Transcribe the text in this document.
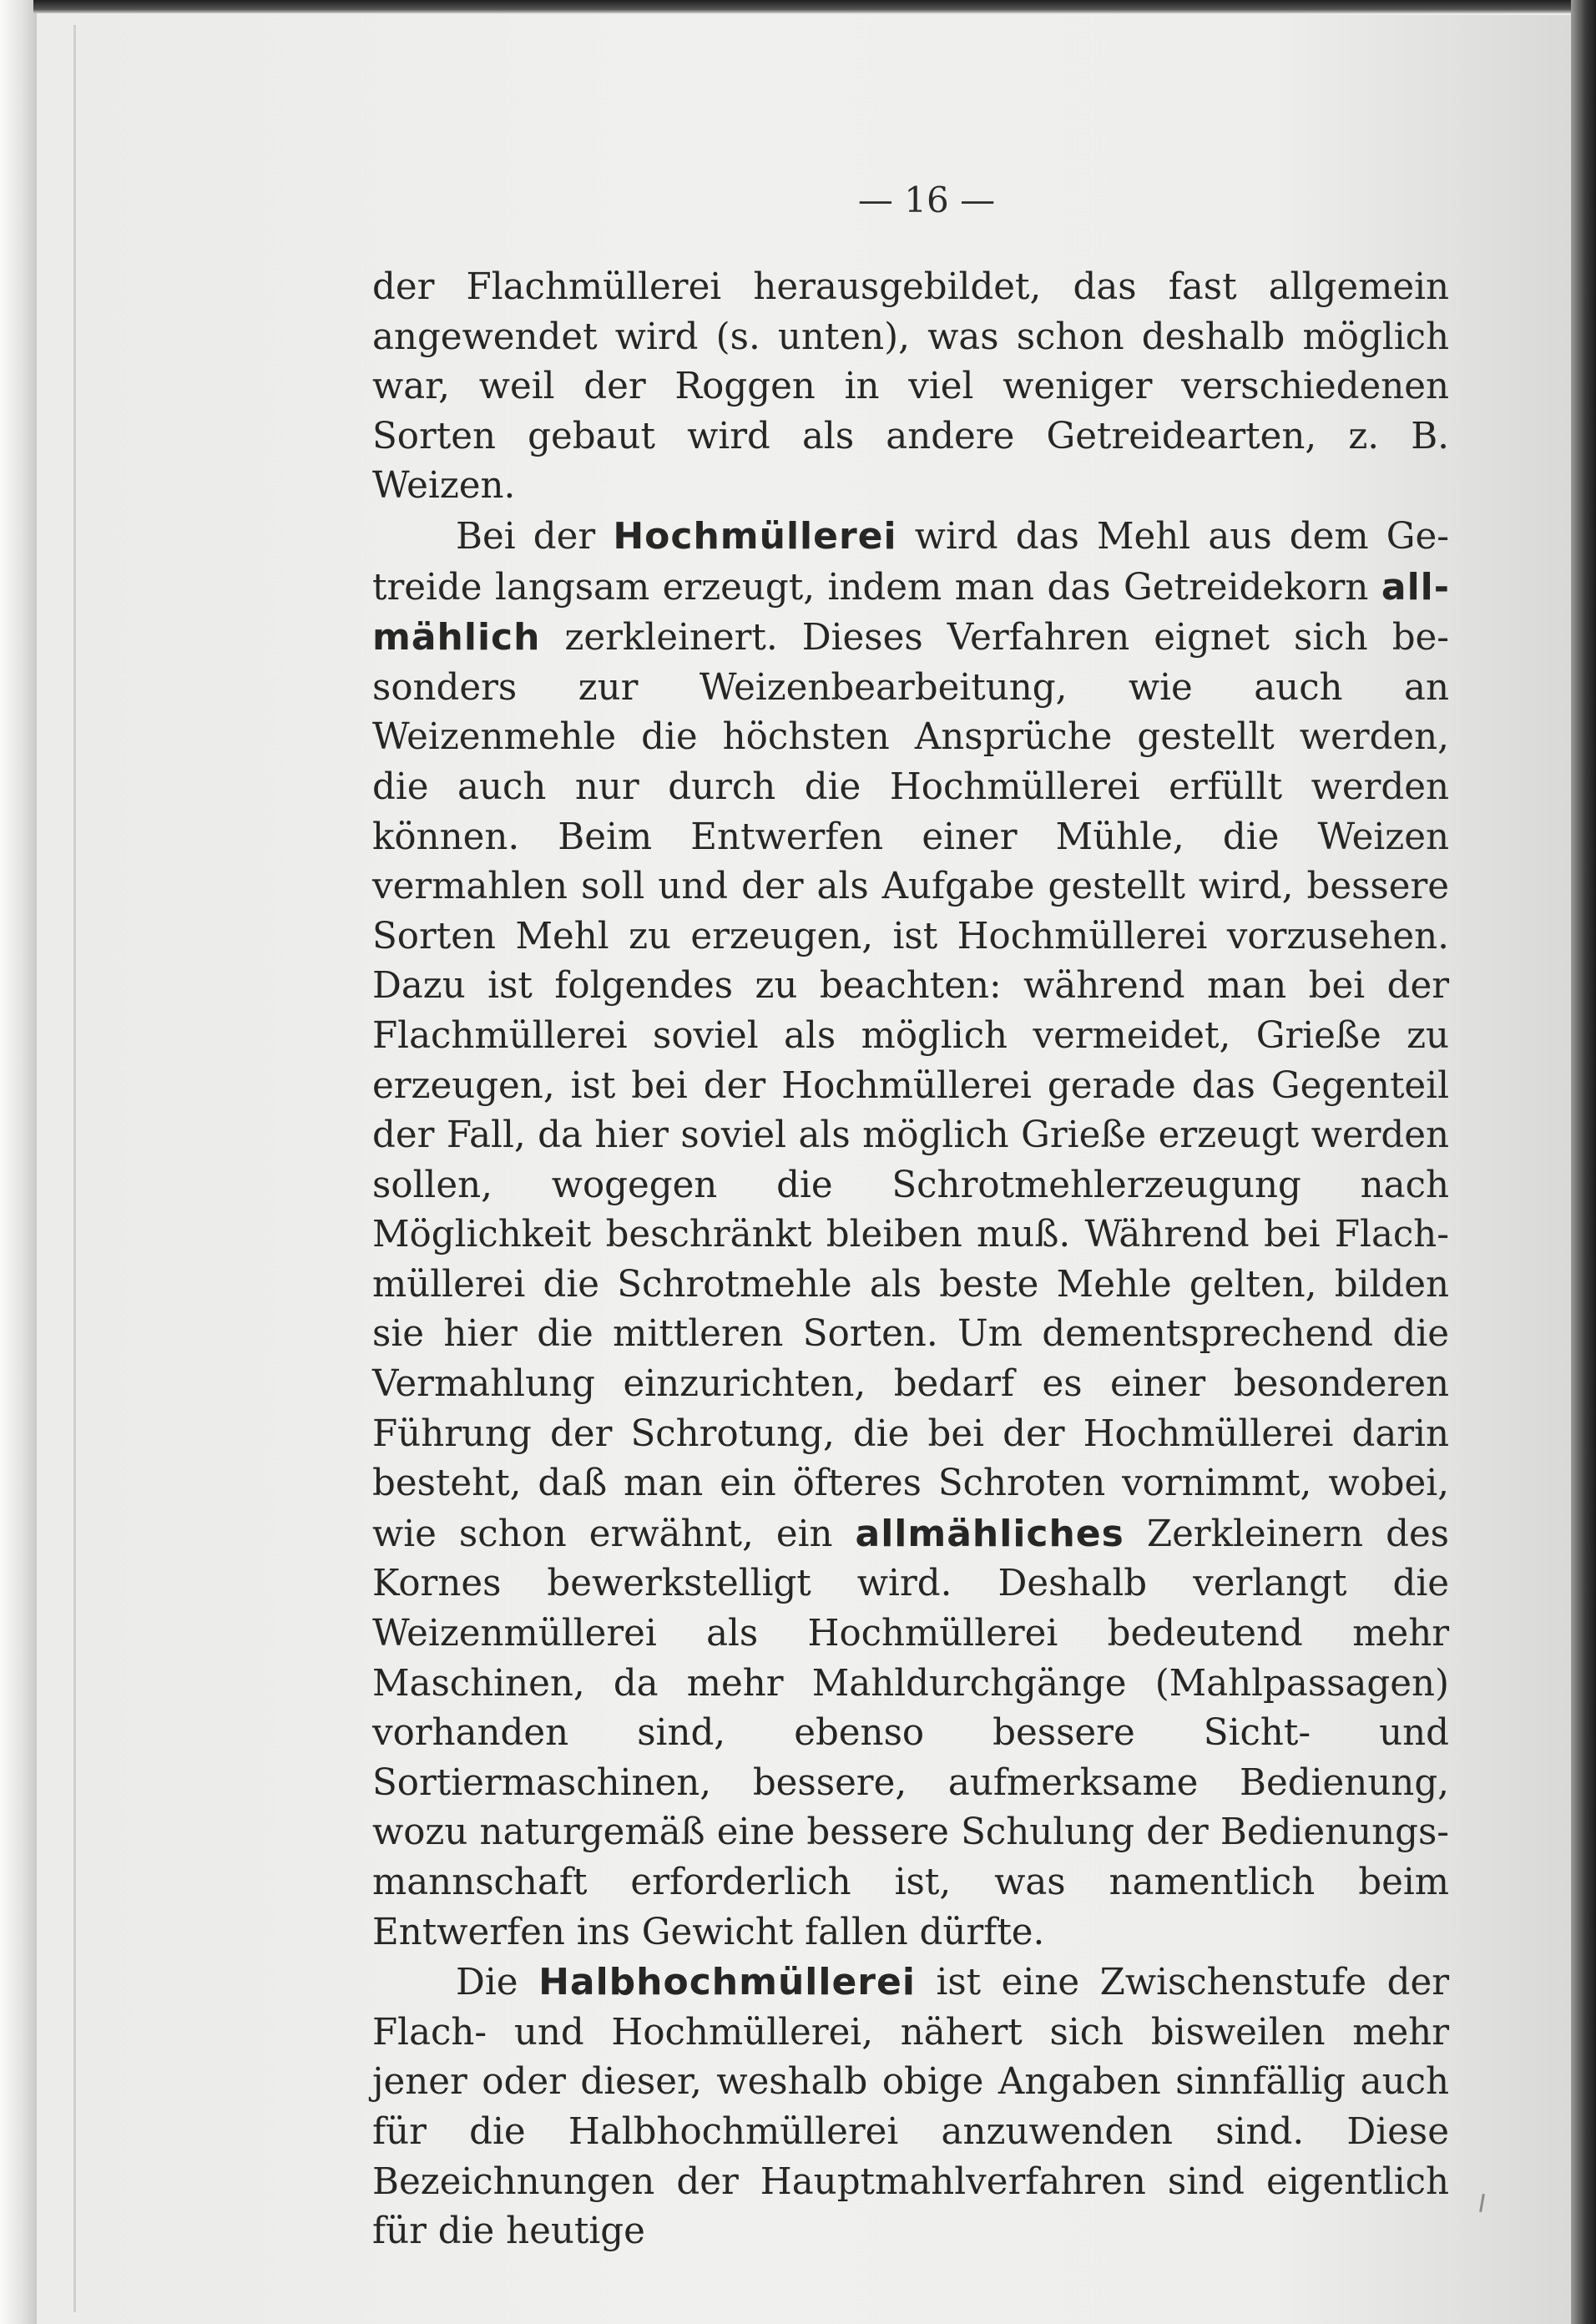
— 16 —

der Flachmüllerei herausgebildet, das fast allgemein angewendet wird (s. unten), was schon deshalb möglich war, weil der Roggen in viel weniger verschiedenen Sorten gebaut wird als andere Getreidearten, z. B. Weizen.

Bei der Hochmüllerei wird das Mehl aus dem Getreide langsam erzeugt, indem man das Getreidekorn allmählich zerkleinert. Dieses Verfahren eignet sich besonders zur Weizenbearbeitung, wie auch an Weizenmehle die höchsten Ansprüche gestellt werden, die auch nur durch die Hochmüllerei erfüllt werden können. Beim Entwerfen einer Mühle, die Weizen vermahlen soll und der als Aufgabe gestellt wird, bessere Sorten Mehl zu erzeugen, ist Hochmüllerei vorzusehen. Dazu ist folgendes zu beachten: während man bei der Flachmüllerei soviel als möglich vermeidet, Grieße zu erzeugen, ist bei der Hochmüllerei gerade das Gegenteil der Fall, da hier soviel als möglich Grieße erzeugt werden sollen, wogegen die Schrotmehlerzeugung nach Möglichkeit beschränkt bleiben muß. Während bei Flachmüllerei die Schrotmehle als beste Mehle gelten, bilden sie hier die mittleren Sorten. Um dementsprechend die Vermahlung einzurichten, bedarf es einer besonderen Führung der Schrotung, die bei der Hochmüllerei darin besteht, daß man ein öfteres Schroten vornimmt, wobei, wie schon erwähnt, ein allmähliches Zerkleinern des Kornes bewerkstelligt wird. Deshalb verlangt die Weizenmüllerei als Hochmüllerei bedeutend mehr Maschinen, da mehr Mahldurchgänge (Mahlpassagen) vorhanden sind, ebenso bessere Sicht- und Sortiermaschinen, bessere, aufmerksame Bedienung, wozu naturgemäß eine bessere Schulung der Bedienungsmannschaft erforderlich ist, was namentlich beim Entwerfen ins Gewicht fallen dürfte.

Die Halbhochmüllerei ist eine Zwischenstufe der Flach- und Hochmüllerei, nähert sich bisweilen mehr jener oder dieser, weshalb obige Angaben sinnfällig auch für die Halbhochmüllerei anzuwenden sind. Diese Bezeichnungen der Hauptmahlverfahren sind eigentlich für die heutige
